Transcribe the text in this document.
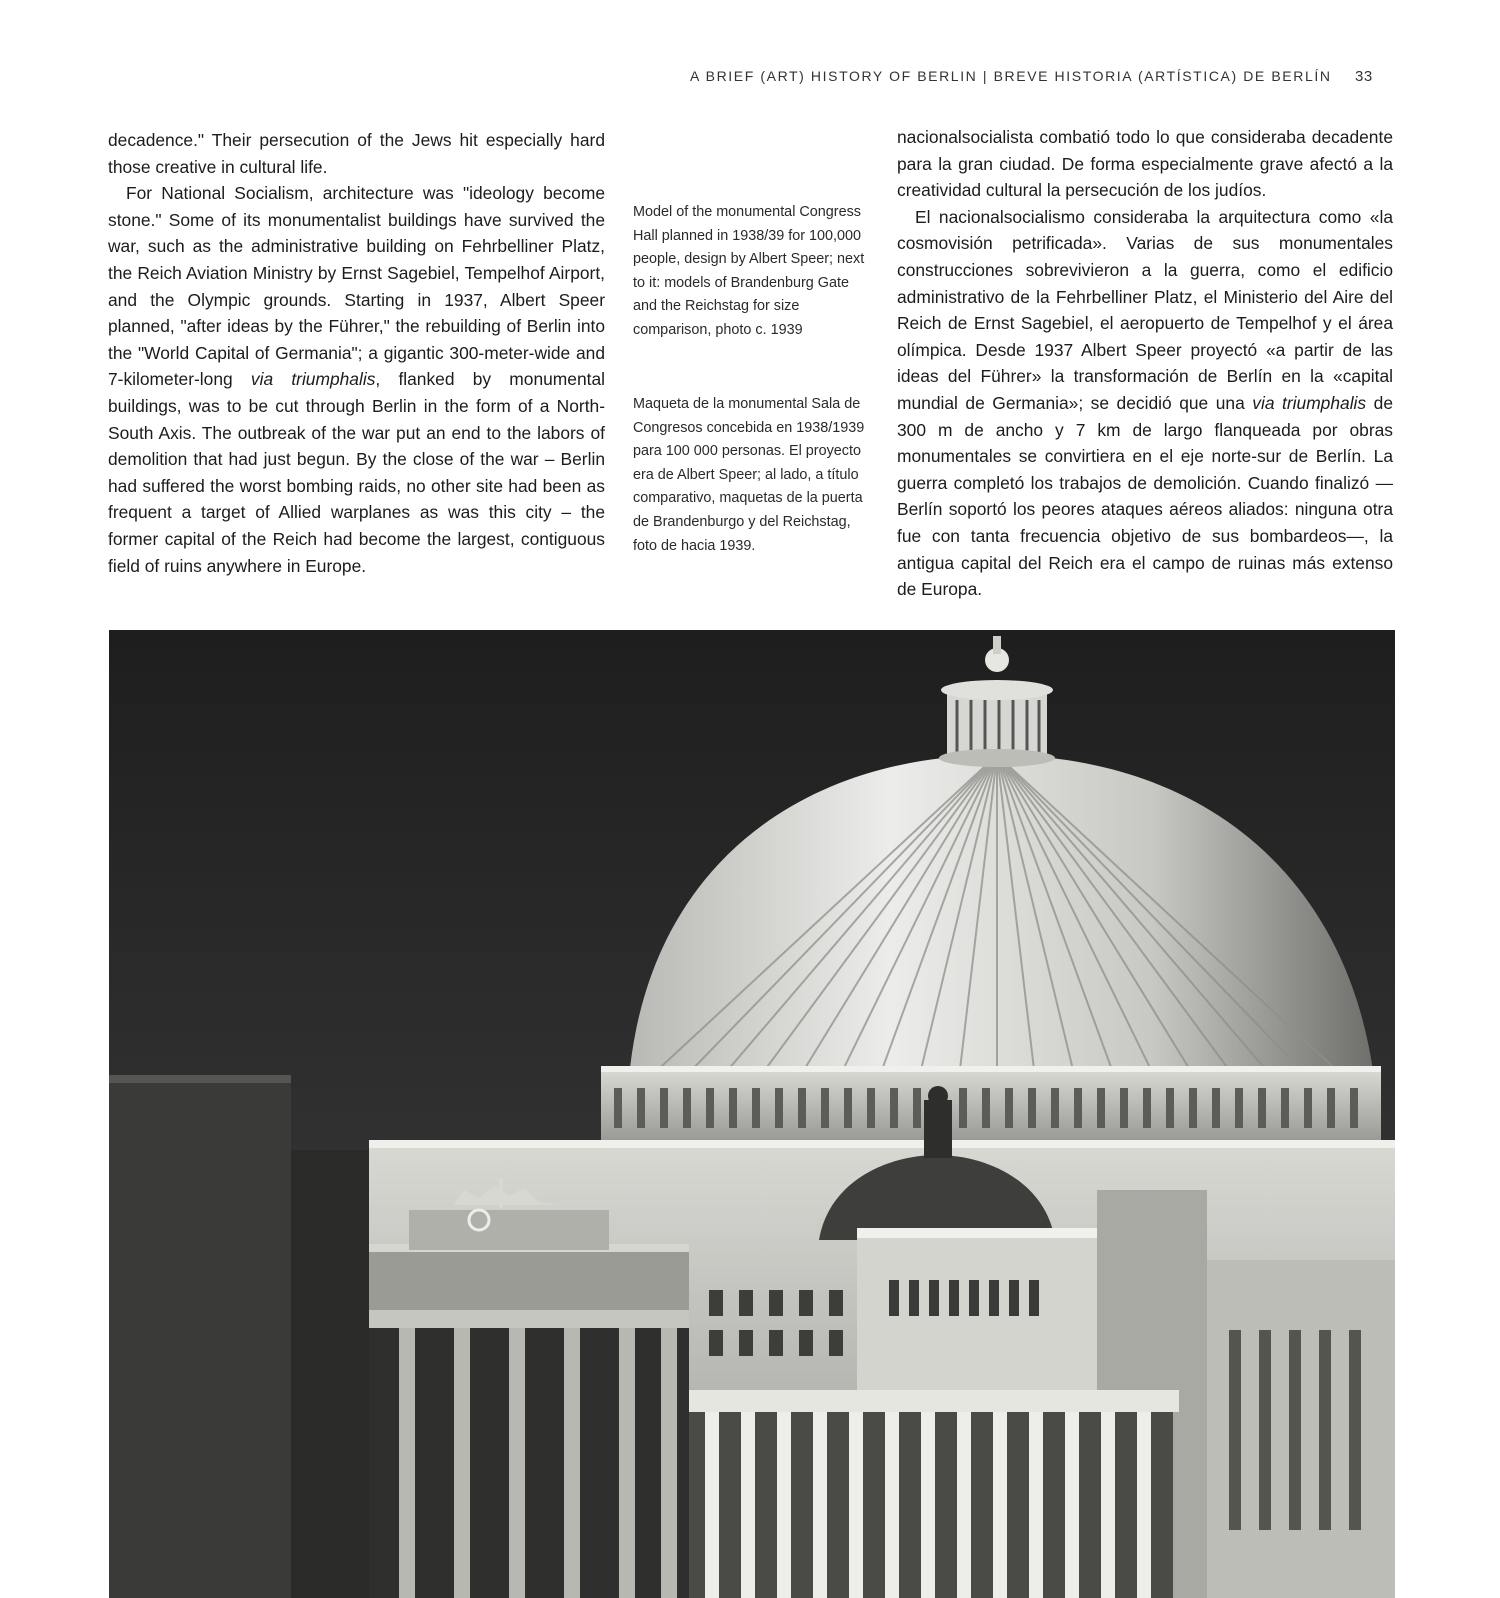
A BRIEF (ART) HISTORY OF BERLIN | BREVE HISTORIA (ARTÍSTICA) DE BERLÍN 33

decadence." Their persecution of the Jews hit especially hard those creative in cultural life.

For National Socialism, architecture was "ideology become stone." Some of its monumentalist buildings have survived the war, such as the administrative building on Fehrbelliner Platz, the Reich Aviation Ministry by Ernst Sagebiel, Tempelhof Airport, and the Olympic grounds. Starting in 1937, Albert Speer planned, "after ideas by the Führer," the rebuilding of Berlin into the "World Capital of Germania"; a gigantic 300-meter-wide and 7-kilometer-long via triumphalis, flanked by monumental buildings, was to be cut through Berlin in the form of a North-South Axis. The outbreak of the war put an end to the labors of demolition that had just begun. By the close of the war – Berlin had suffered the worst bombing raids, no other site had been as frequent a target of Allied warplanes as was this city – the former capital of the Reich had become the largest, contiguous field of ruins anywhere in Europe.

Model of the monumental Congress Hall planned in 1938/39 for 100,000 people, design by Albert Speer; next to it: models of Brandenburg Gate and the Reichstag for size comparison, photo c. 1939

Maqueta de la monumental Sala de Congresos concebida en 1938/1939 para 100 000 personas. El proyecto era de Albert Speer; al lado, a título comparativo, maquetas de la puerta de Brandenburgo y del Reichstag, foto de hacia 1939.

nacionalsocialista combatió todo lo que consideraba decadente para la gran ciudad. De forma especialmente grave afectó a la creatividad cultural la persecución de los judíos.

El nacionalsocialismo consideraba la arquitectura como «la cosmovisión petrificada». Varias de sus monumentales construcciones sobrevivieron a la guerra, como el edificio administrativo de la Fehrbelliner Platz, el Ministerio del Aire del Reich de Ernst Sagebiel, el aeropuerto de Tempelhof y el área olímpica. Desde 1937 Albert Speer proyectó «a partir de las ideas del Führer» la transformación de Berlín en la «capital mundial de Germania»; se decidió que una via triumphalis de 300 m de ancho y 7 km de largo flanqueada por obras monumentales se convirtiera en el eje norte-sur de Berlín. La guerra completó los trabajos de demolición. Cuando finalizó —Berlín soportó los peores ataques aéreos aliados: ninguna otra fue con tanta frecuencia objetivo de sus bombardeos—, la antigua capital del Reich era el campo de ruinas más extenso de Europa.
